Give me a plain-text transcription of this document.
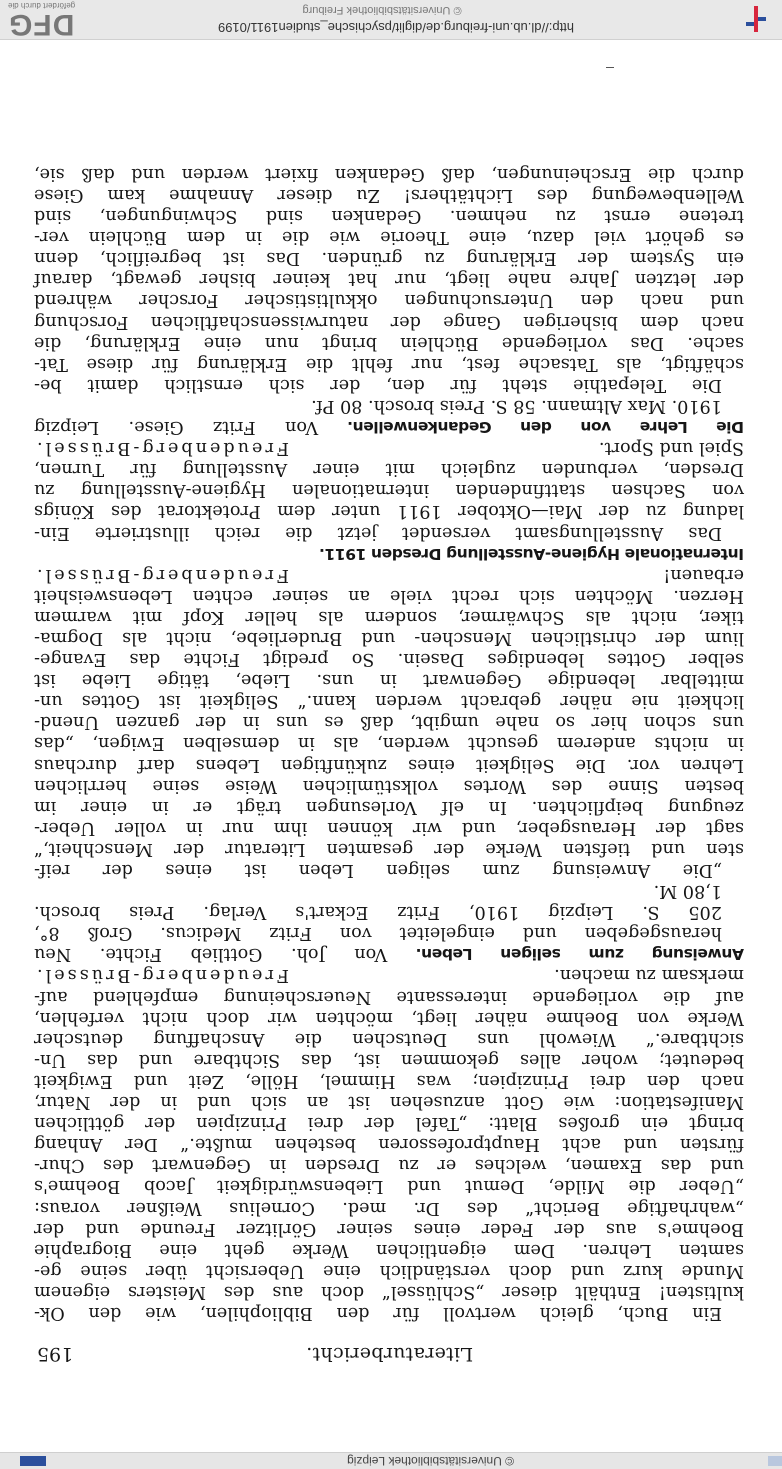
© Universitätsbibliothek Leipzig
Literaturbericht.
195
Ein Buch, gleich wertvoll für den Bibliophilen, wie den Ok-
kultisten! Enthält dieser „Schlüssel“ doch aus des Meisters eigenem
Munde kurz und doch verständlich eine Uebersicht über seine ge-
samten Lehren. Dem eigentlichen Werke geht eine Biographie
Boehme's aus der Feder eines seiner Görlitzer Freunde und der
„wahrhaftige Bericht“ des Dr. med. Cornelius Weißner voraus:
„Ueber die Milde, Demut und Liebenswürdigkeit Jacob Boehme's
und das Examen, welches er zu Dresden in Gegenwart des Chur-
fürsten und acht Hauptprofessoren bestehen mußte.“ Der Anhang
bringt ein großes Blatt: „Tafel der drei Prinzipien der göttlichen
Manifestation: wie Gott anzusehen ist an sich und in der Natur,
nach den drei Prinzipien; was Himmel, Hölle, Zeit und Ewigkeit
bedeutet; woher alles gekommen ist, das Sichtbare und das Un-
sichtbare.“ Wiewohl uns Deutschen die Anschaffung deutscher
Werke von Boehme näher liegt, möchten wir doch nicht verfehlen,
auf die vorliegende interessante Neuerscheinung empfehlend auf-
merksam zu machen.
Freudenberg-Brüssel.
Anweisung zum seligen Leben. Von Joh. Gottlieb Fichte. Neu
herausgegeben und eingeleitet von Fritz Medicus. Groß 8°,
205 S. Leipzig 1910, Fritz Eckart's Verlag. Preis brosch.
1,80 M.
„Die Anweisung zum seligen Leben ist eines der reif-
sten und tiefsten Werke der gesamten Literatur der Menschheit,“
sagt der Herausgeber, und wir können ihm nur in voller Ueber-
zeugung beipflichten. In elf Vorlesungen trägt er in einer im
besten Sinne des Wortes volkstümlichen Weise seine herrlichen
Lehren vor. Die Seligkeit eines zukünftigen Lebens darf durchaus
in nichts anderem gesucht werden, als in demselben Ewigen, „das
uns schon hier so nahe umgibt, daß es uns in der ganzen Unend-
lichkeit nie näher gebracht werden kann.“ Seligkeit ist Gottes un-
mittelbar lebendige Gegenwart in uns. Liebe, tätige Liebe ist
selber Gottes lebendiges Dasein. So predigt Fichte das Evange-
lium der christlichen Menschen- und Bruderliebe, nicht als Dogma-
tiker, nicht als Schwärmer, sondern als heller Kopf mit warmem
Herzen. Möchten sich recht viele an seiner echten Lebensweisheit
erbauen!
Freudenberg-Brüssel.
Internationale Hygiene-Ausstellung Dresden 1911.
Das Ausstellungsamt versendet jetzt die reich illustrierte Ein-
ladung zu der Mai—Oktober 1911 unter dem Protektorat des Königs
von Sachsen stattfindenden internationalen Hygiene-Ausstellung zu
Dresden, verbunden zugleich mit einer Ausstellung für Turnen,
Spiel und Sport.
Freudenberg-Brüssel.
Die Lehre von den Gedankenwellen. Von Fritz Giese. Leipzig
1910. Max Altmann. 58 S. Preis brosch. 80 Pf.
Die Telepathie steht für den, der sich ernstlich damit be-
schäftigt, als Tatsache fest, nur fehlt die Erklärung für diese Tat-
sache. Das vorliegende Büchlein bringt nun eine Erklärung, die
nach dem bisherigen Gange der naturwissenschaftlichen Forschung
und nach den Untersuchungen okkultistischer Forscher während
der letzten Jahre nahe liegt, nur hat keiner bisher gewagt, darauf
ein System der Erklärung zu gründen. Das ist begreiflich, denn
es gehört viel dazu, eine Theorie wie die in dem Büchlein ver-
tretene ernst zu nehmen. Gedanken sind Schwingungen, sind
Wellenbewegung des Lichtäthers! Zu dieser Annahme kam Giese
durch die Erscheinungen, daß Gedanken fixiert werden und daß sie,
http://dl.ub.uni-freiburg.de/diglit/psychische_studien1911/0199
© Universitätsbibliothek Freiburg
DFG
gefördert durch die
